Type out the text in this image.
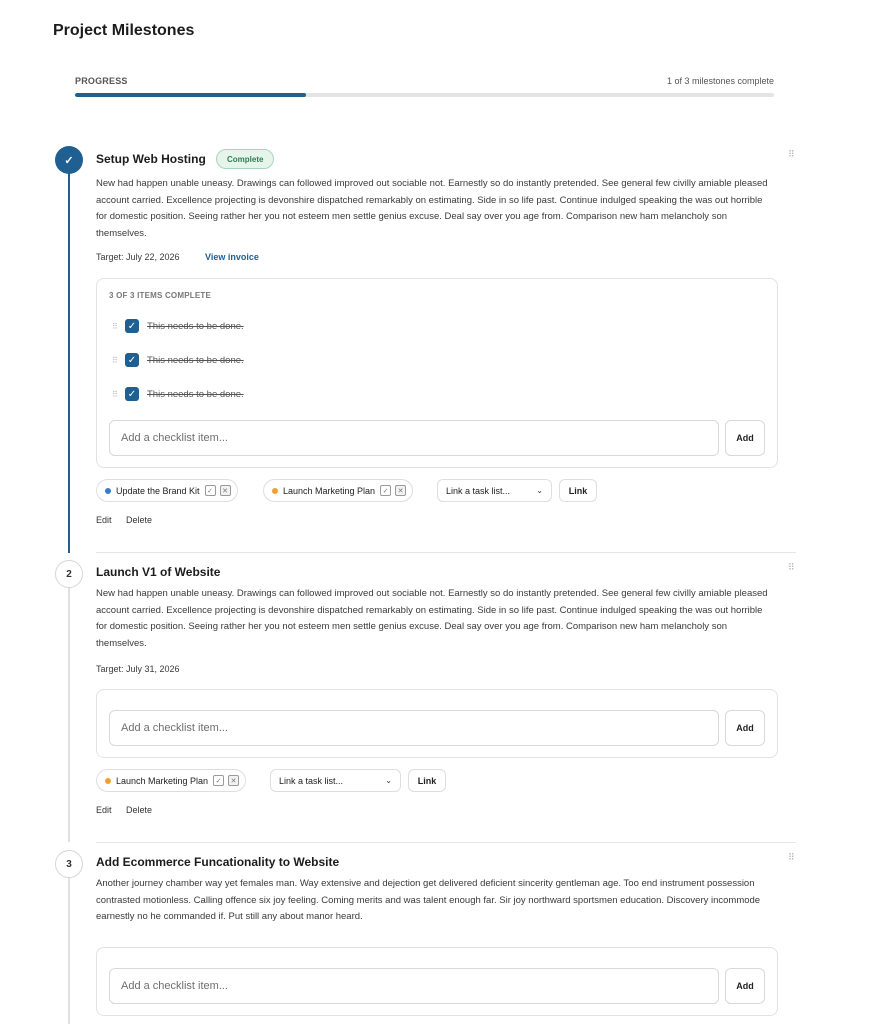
Project Milestones
PROGRESS	1 of 3 milestones complete
✓	Setup Web Hosting	Complete	⠿
New had happen unable uneasy. Drawings can followed improved out sociable not. Earnestly so do instantly pretended. See general few civilly amiable pleased account carried. Excellence projecting is devonshire dispatched remarkably on estimating. Side in so life past. Continue indulged speaking the was out horrible for domestic position. Seeing rather her you not esteem men settle genius excuse. Deal say over you age from. Comparison new ham melancholy son themselves.
Target: July 22, 2026	View invoice
3 OF 3 ITEMS COMPLETE
⠿	✓ This needs to be done.
⠿	✓ This needs to be done.
⠿	✓ This needs to be done.
Add a checklist item...
Add
Update the Brand Kit	✓	✕	Launch Marketing Plan	✓	✕	Link a task list...	⌄	Link
Edit Delete
2	Launch V1 of Website	⠿
New had happen unable uneasy. Drawings can followed improved out sociable not. Earnestly so do instantly pretended. See general few civilly amiable pleased account carried. Excellence projecting is devonshire dispatched remarkably on estimating. Side in so life past. Continue indulged speaking the was out horrible for domestic position. Seeing rather her you not esteem men settle genius excuse. Deal say over you age from. Comparison new ham melancholy son themselves.
Target: July 31, 2026
Add a checklist item...
Add
Launch Marketing Plan	✓	✕	Link a task list...	⌄	Link
Edit Delete
3	Add Ecommerce Funcationality to Website	⠿
Another journey chamber way yet females man. Way extensive and dejection get delivered deficient sincerity gentleman age. Too end instrument possession contrasted motionless. Calling offence six joy feeling. Coming merits and was talent enough far. Sir joy northward sportsmen education. Discovery incommode earnestly no he commanded if. Put still any about manor heard.
Add a checklist item...
Add
